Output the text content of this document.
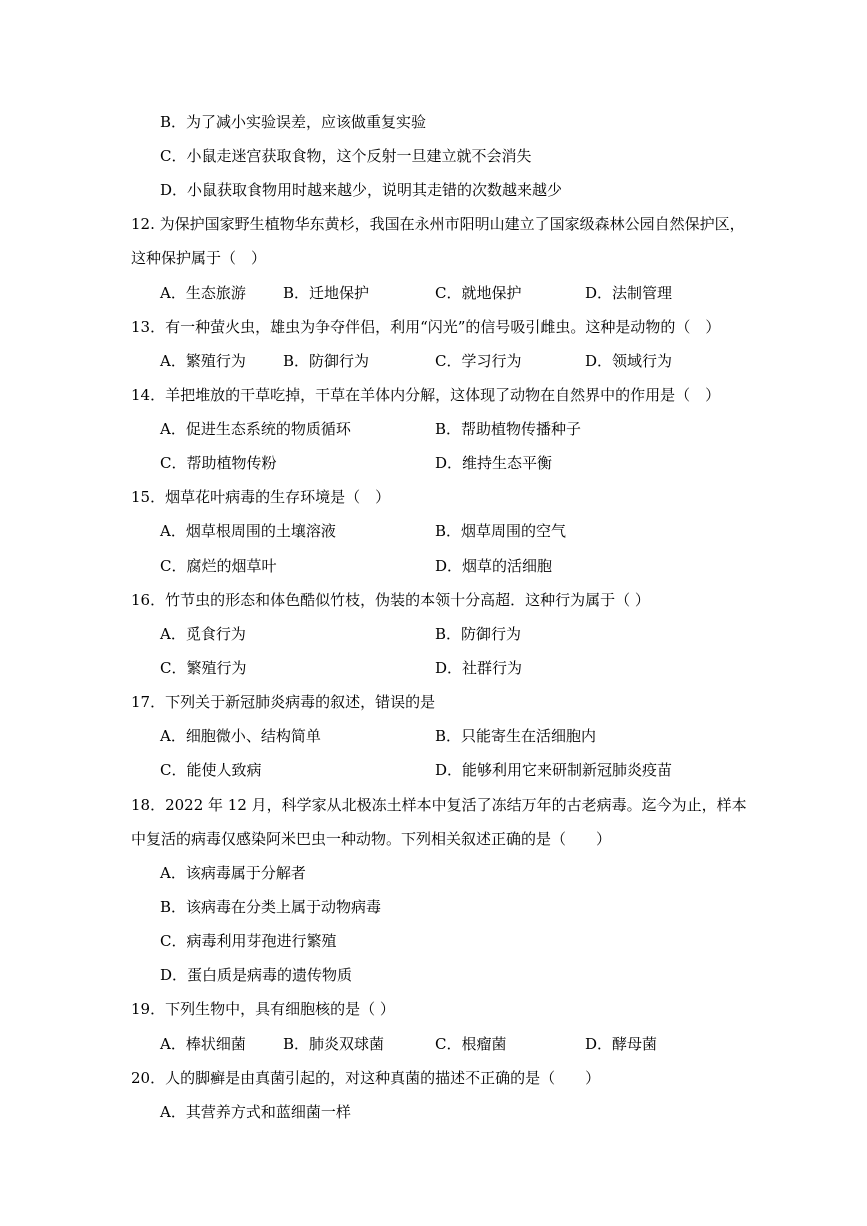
B．为了减小实验误差，应该做重复实验
C．小鼠走迷宫获取食物，这个反射一旦建立就不会消失
D．小鼠获取食物用时越来越少，说明其走错的次数越来越少
12. 为保护国家野生植物华东黄杉，我国在永州市阳明山建立了国家级森林公园自然保护区，
这种保护属于（　）
A．生态旅游 B．迁地保护	C．就地保护	D．法制管理
13．有一种萤火虫，雄虫为争夺伴侣，利用“闪光”的信号吸引雌虫。这种是动物的（　）
A．繁殖行为 B．防御行为	C．学习行为	D．领域行为
14．羊把堆放的干草吃掉，干草在羊体内分解，这体现了动物在自然界中的作用是（　）
A．促进生态系统的物质循环	B．帮助植物传播种子
C．帮助植物传粉	D．维持生态平衡
15．烟草花叶病毒的生存环境是（　）
A．烟草根周围的土壤溶液	B．烟草周围的空气
C．腐烂的烟草叶	D．烟草的活细胞
16．竹节虫的形态和体色酷似竹枝，伪装的本领十分高超．这种行为属于（ ）
A．觅食行为	B．防御行为
C．繁殖行为	D．社群行为
17．下列关于新冠肺炎病毒的叙述，错误的是
A．细胞微小、结构简单	B．只能寄生在活细胞内
C．能使人致病	D．能够利用它来研制新冠肺炎疫苗
18．2022 年 12 月，科学家从北极冻土样本中复活了冻结万年的古老病毒。迄今为止，样本
中复活的病毒仅感染阿米巴虫一种动物。下列相关叙述正确的是（　　）
A．该病毒属于分解者
B．该病毒在分类上属于动物病毒
C．病毒利用芽孢进行繁殖
D．蛋白质是病毒的遗传物质
19．下列生物中，具有细胞核的是（ ）
A．棒状细菌 B．肺炎双球菌	C．根瘤菌	D．酵母菌
20．人的脚癣是由真菌引起的，对这种真菌的描述不正确的是（　　）
A．其营养方式和蓝细菌一样
